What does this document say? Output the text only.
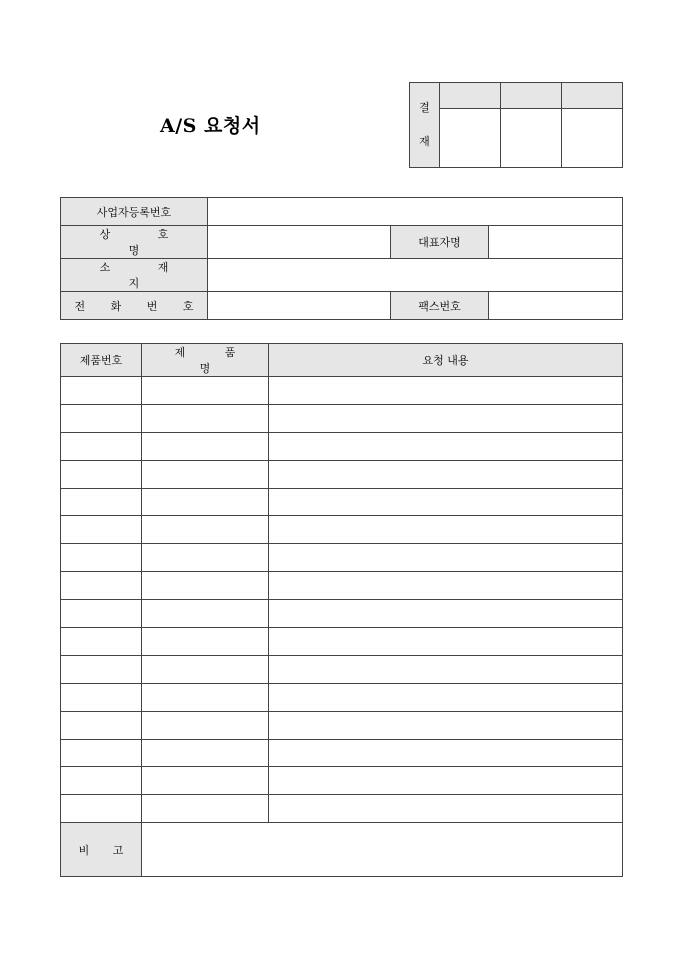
A/S 요청서
결
재			

사업자등록번호			
상 호 명		대표자명	
소 재 지			
전 화 번 호		팩스번호	
제품번호	제 품 명	요청 내용

비 고		
